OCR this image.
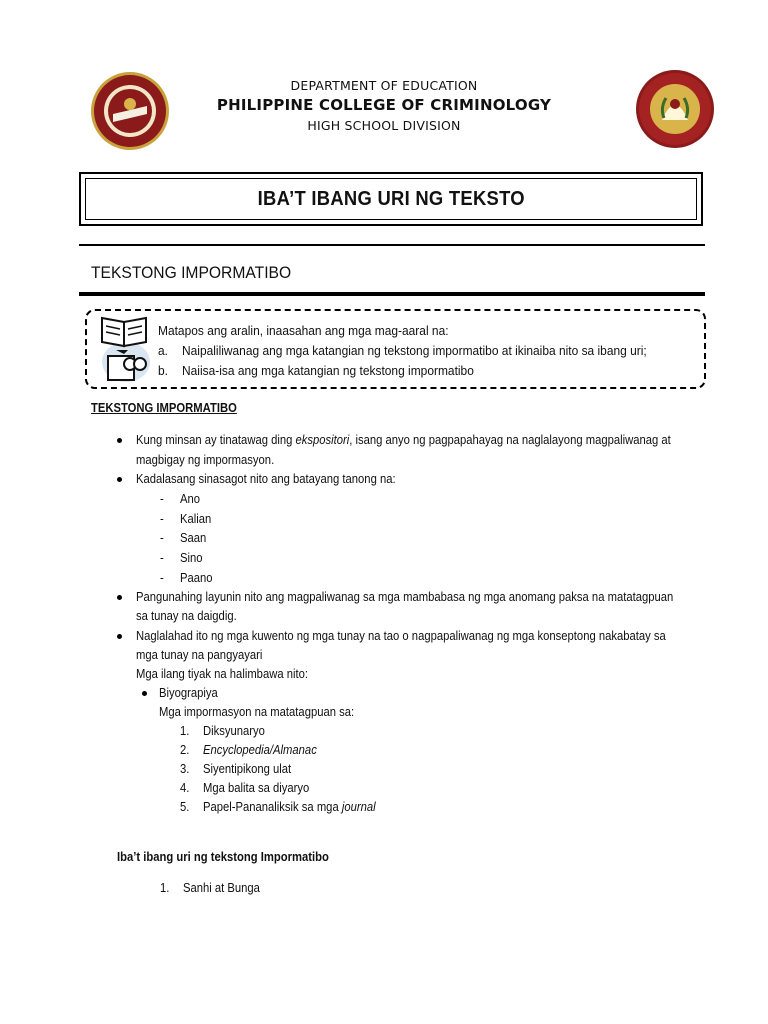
DEPARTMENT OF EDUCATION
PHILIPPINE COLLEGE OF CRIMINOLOGY
HIGH SCHOOL DIVISION
IBA’T IBANG URI NG TEKSTO
TEKSTONG IMPORMATIBO
Matapos ang aralin, inaasahan ang mga mag-aaral na:
a. Naipaliliwanag ang mga katangian ng tekstong impormatibo at ikinaiba nito sa ibang uri;
b. Naiisa-isa ang mga katangian ng tekstong impormatibo
TEKSTONG IMPORMATIBO
Kung minsan ay tinatawag ding ekspositori, isang anyo ng pagpapahayag na naglalayong magpaliwanag at
magbigay ng impormasyon.
Kadalasang sinasagot nito ang batayang tanong na:
- Ano
- Kalian
- Saan
- Sino
- Paano
Pangunahing layunin nito ang magpaliwanag sa mga mambabasa ng mga anomang paksa na matatagpuan
sa tunay na daigdig.
Naglalahad ito ng mga kuwento ng mga tunay na tao o nagpapaliwanag ng mga konseptong nakabatay sa
mga tunay na pangyayari
Mga ilang tiyak na halimbawa nito:
Biyograpiya
Mga impormasyon na matatagpuan sa:
1. Diksyunaryo
2. Encyclopedia/Almanac
3. Siyentipikong ulat
4. Mga balita sa diyaryo
5. Papel-Pananaliksik sa mga journal
Iba’t ibang uri ng tekstong Impormatibo
1. Sanhi at Bunga
